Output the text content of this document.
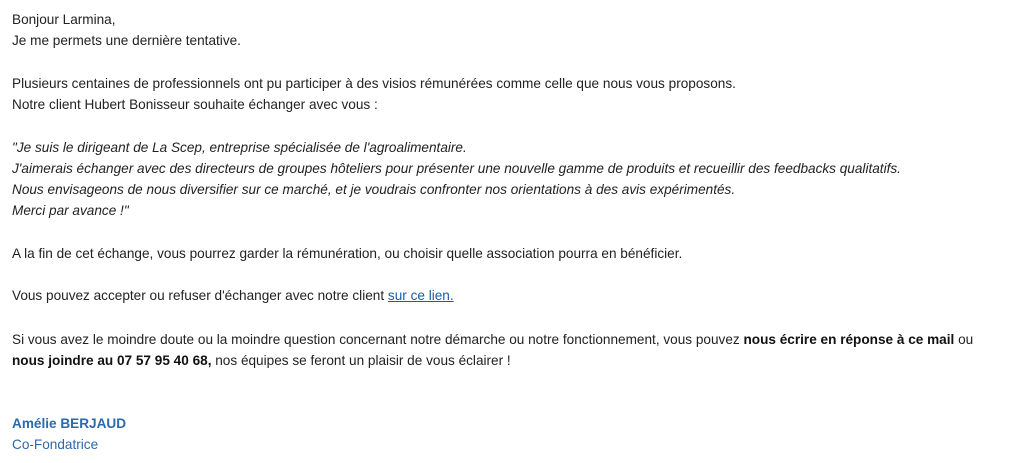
Bonjour Larmina,
Je me permets une dernière tentative.
Plusieurs centaines de professionnels ont pu participer à des visios rémunérées comme celle que nous vous proposons.
Notre client Hubert Bonisseur souhaite échanger avec vous :
"Je suis le dirigeant de La Scep, entreprise spécialisée de l'agroalimentaire.
J'aimerais échanger avec des directeurs de groupes hôteliers pour présenter une nouvelle gamme de produits et recueillir des feedbacks qualitatifs.
Nous envisageons de nous diversifier sur ce marché, et je voudrais confronter nos orientations à des avis expérimentés.
Merci par avance !"
A la fin de cet échange, vous pourrez garder la rémunération, ou choisir quelle association pourra en bénéficier.
Vous pouvez accepter ou refuser d'échanger avec notre client sur ce lien.
Si vous avez le moindre doute ou la moindre question concernant notre démarche ou notre fonctionnement, vous pouvez nous écrire en réponse à ce mail ou
nous joindre au 07 57 95 40 68, nos équipes se feront un plaisir de vous éclairer !
Amélie BERJAUD
Co-Fondatrice
